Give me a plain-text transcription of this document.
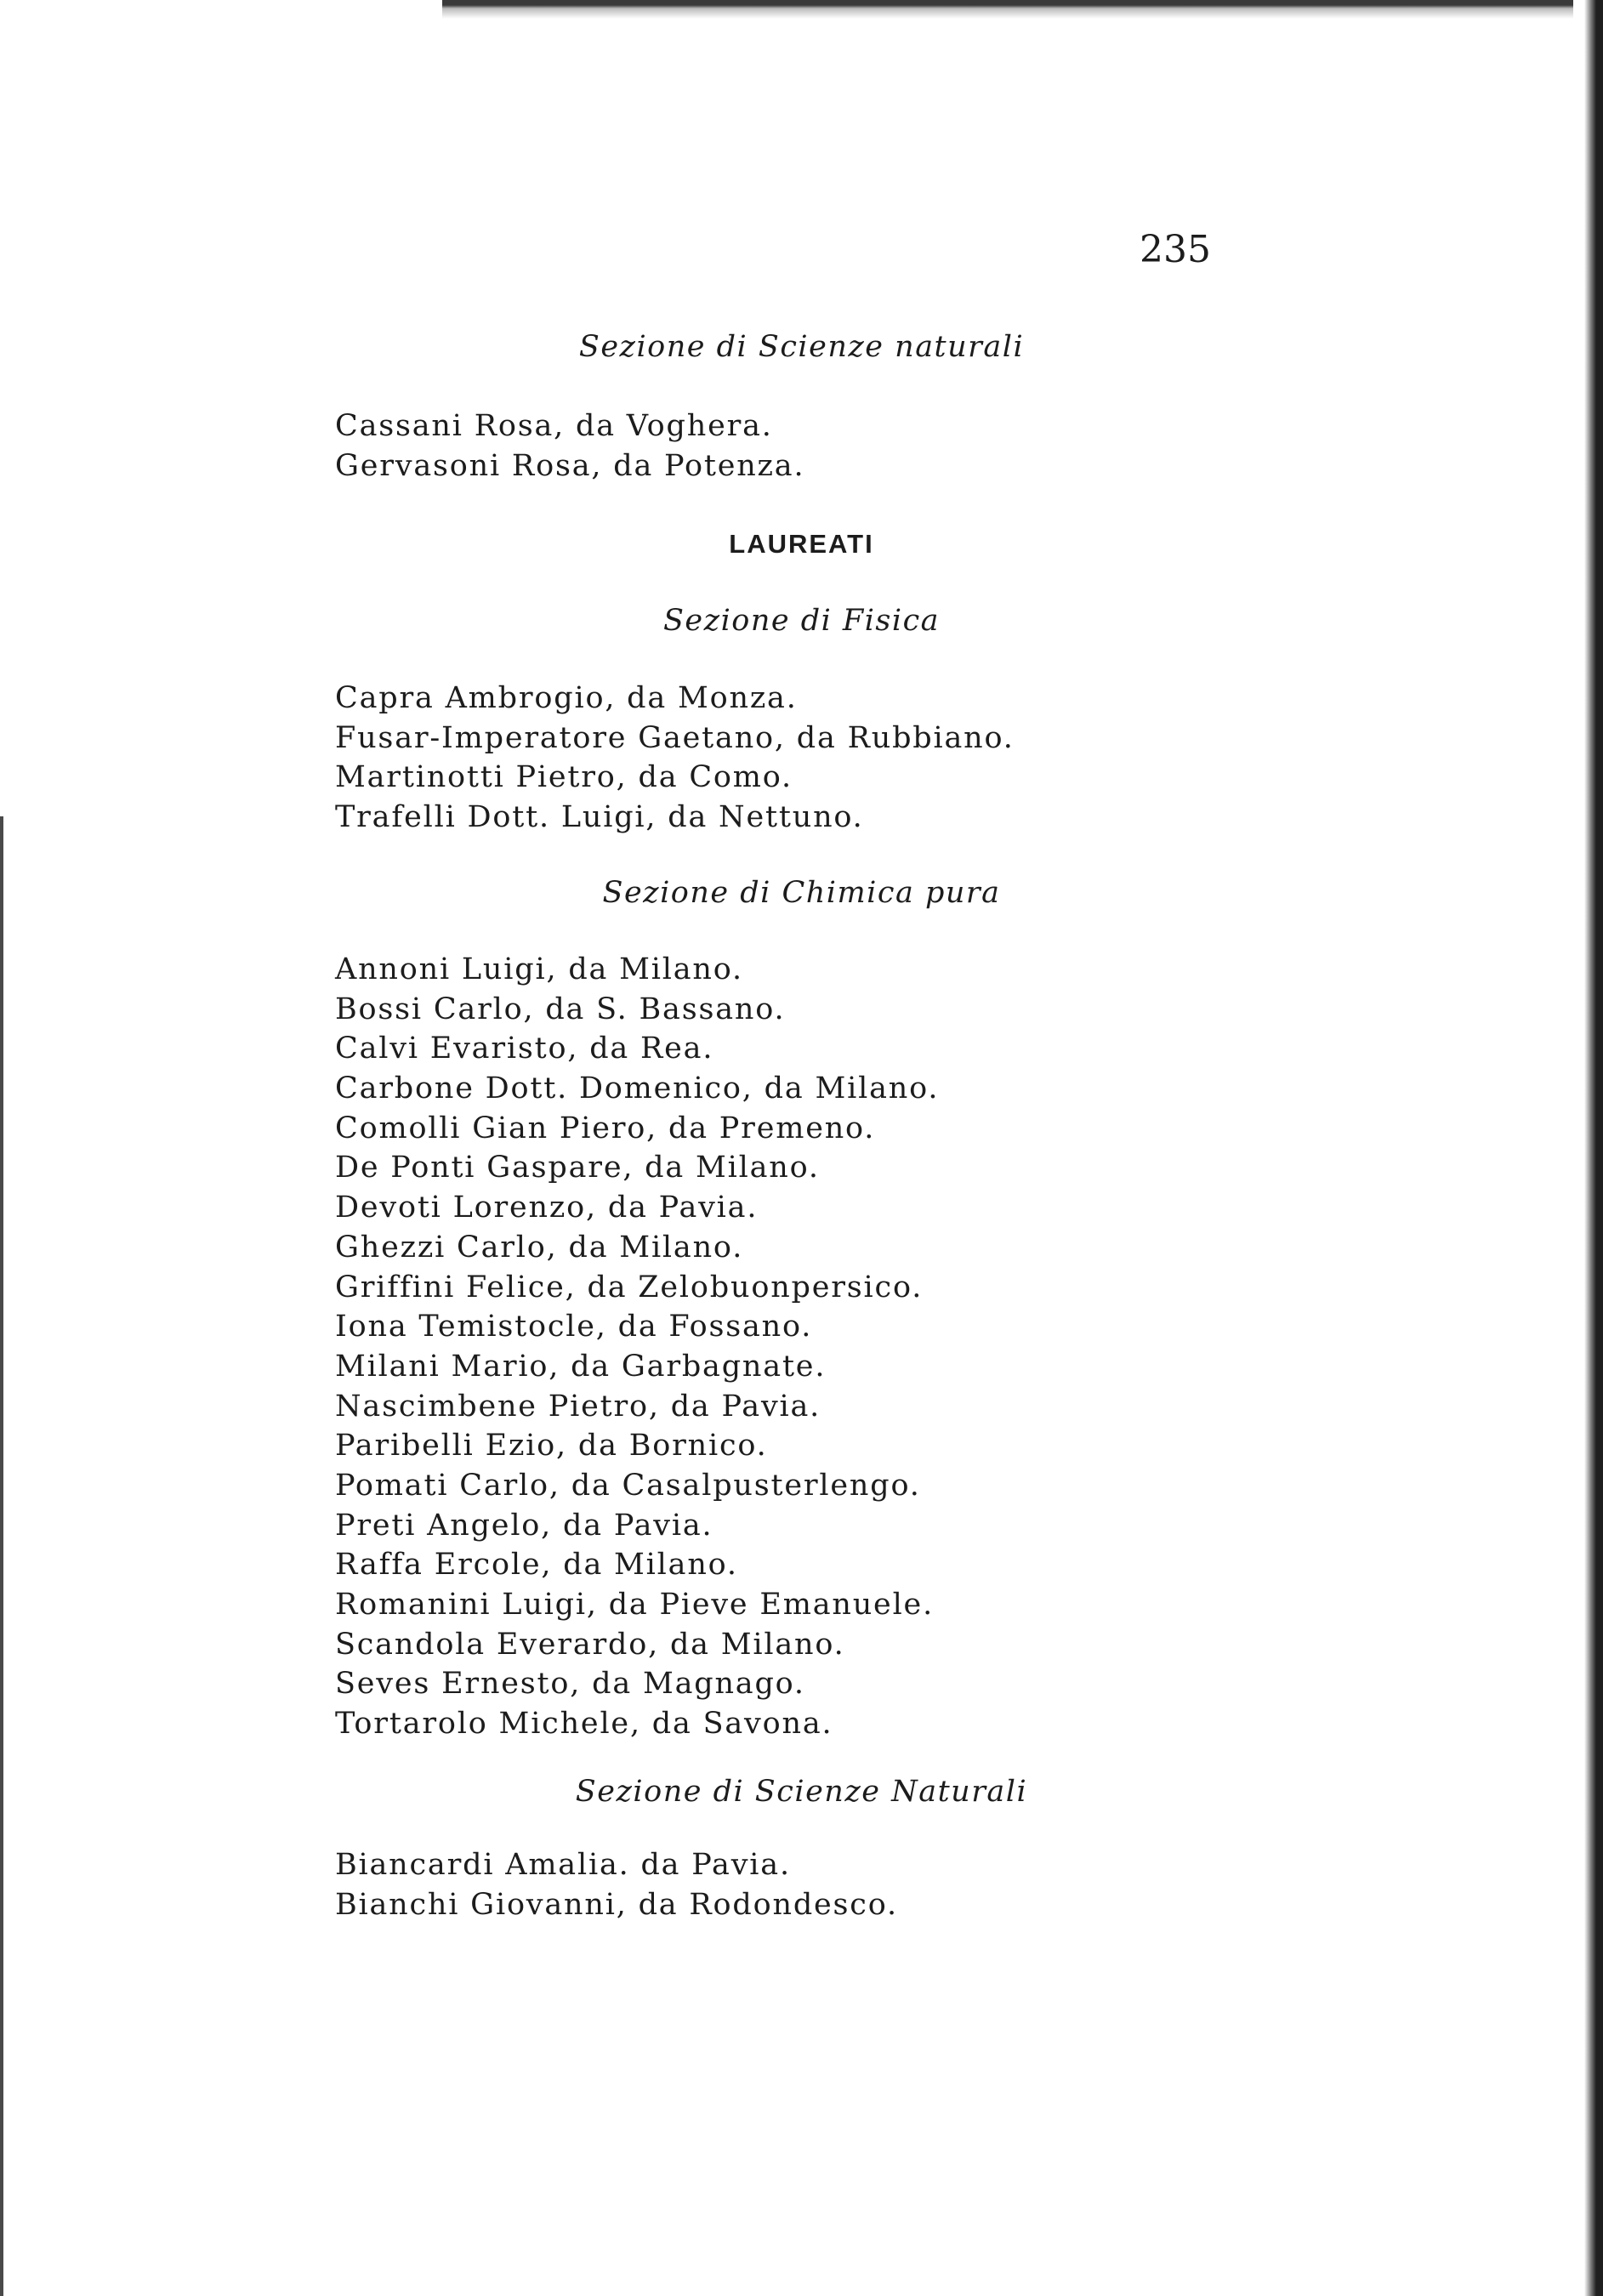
235
Sezione di Scienze naturali
Cassani Rosa, da Voghera.
Gervasoni Rosa, da Potenza.
LAUREATI
Sezione di Fisica
Capra Ambrogio, da Monza.
Fusar-Imperatore Gaetano, da Rubbiano.
Martinotti Pietro, da Como.
Trafelli Dott. Luigi, da Nettuno.
Sezione di Chimica pura
Annoni Luigi, da Milano.
Bossi Carlo, da S. Bassano.
Calvi Evaristo, da Rea.
Carbone Dott. Domenico, da Milano.
Comolli Gian Piero, da Premeno.
De Ponti Gaspare, da Milano.
Devoti Lorenzo, da Pavia.
Ghezzi Carlo, da Milano.
Griffini Felice, da Zelobuonpersico.
Iona Temistocle, da Fossano.
Milani Mario, da Garbagnate.
Nascimbene Pietro, da Pavia.
Paribelli Ezio, da Bornico.
Pomati Carlo, da Casalpusterlengo.
Preti Angelo, da Pavia.
Raffa Ercole, da Milano.
Romanini Luigi, da Pieve Emanuele.
Scandola Everardo, da Milano.
Seves Ernesto, da Magnago.
Tortarolo Michele, da Savona.
Sezione di Scienze Naturali
Biancardi Amalia. da Pavia.
Bianchi Giovanni, da Rodondesco.
